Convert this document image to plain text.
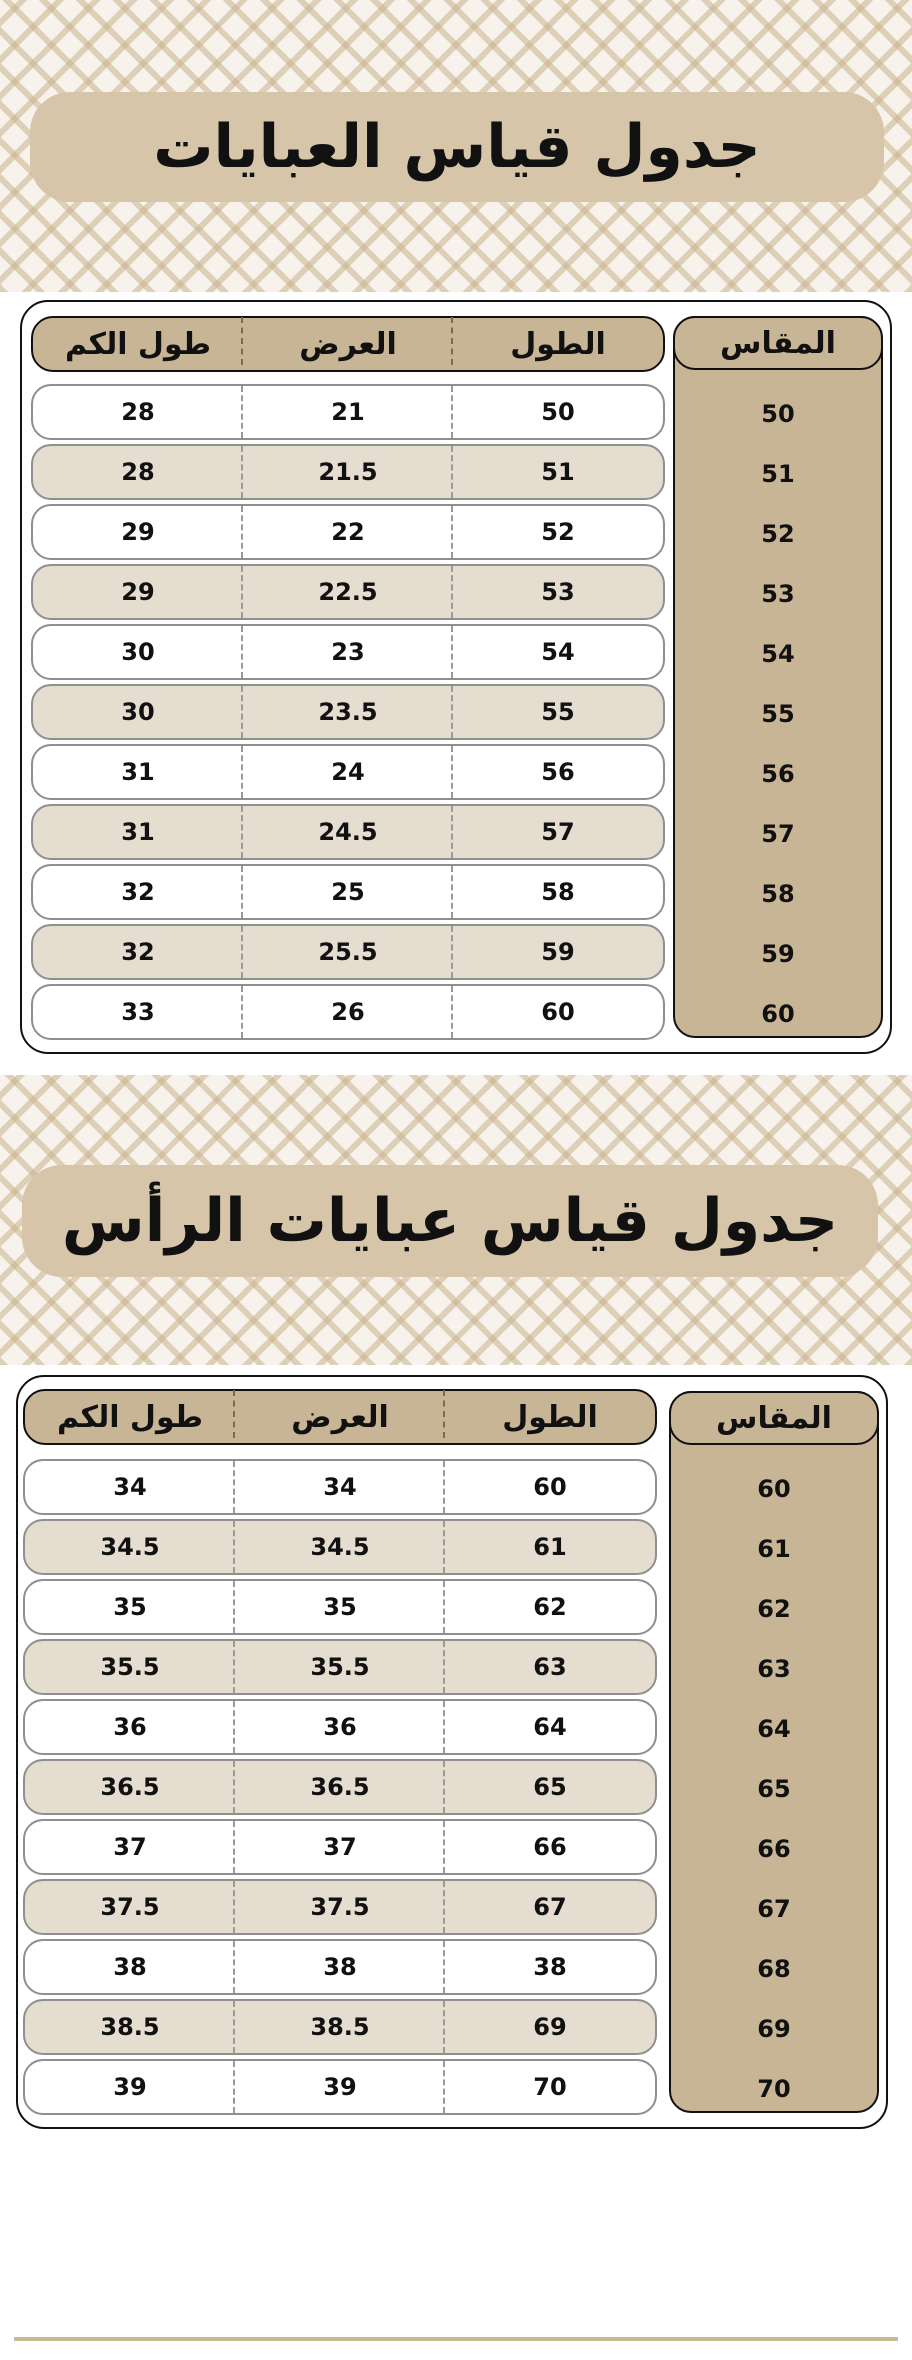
جدول قياس العبايات
المقاس
50
51
52
53
54
55
56
57
58
59
60
الطول
العرض
طول الكم
50
21
28
51
21.5
28
52
22
29
53
22.5
29
54
23
30
55
23.5
30
56
24
31
57
24.5
31
58
25
32
59
25.5
32
60
26
33
جدول قياس عبايات الرأس
المقاس
60
61
62
63
64
65
66
67
68
69
70
الطول
العرض
طول الكم
60
34
34
61
34.5
34.5
62
35
35
63
35.5
35.5
64
36
36
65
36.5
36.5
66
37
37
67
37.5
37.5
38
38
38
69
38.5
38.5
70
39
39
